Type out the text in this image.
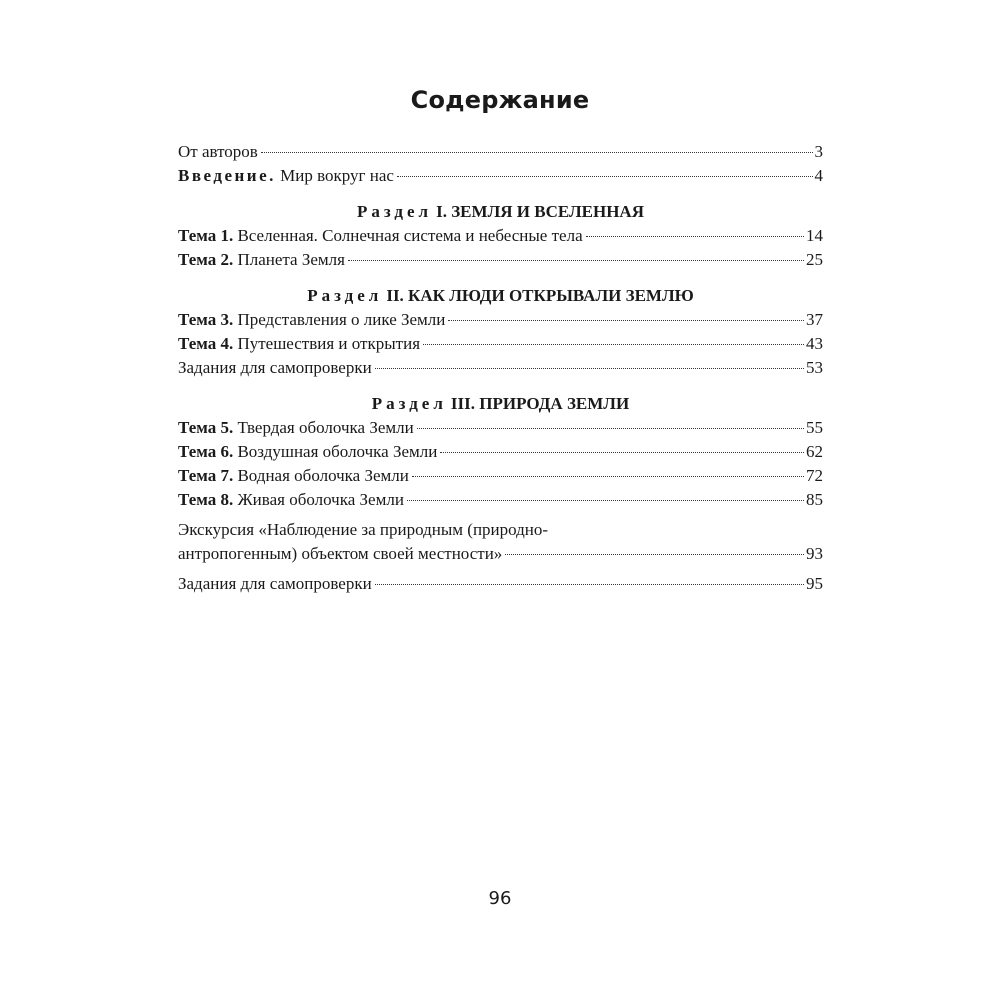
Содержание
От авторов	3
Введение. Мир вокруг нас	4
Раздел I. ЗЕМЛЯ И ВСЕЛЕННАЯ
Тема 1. Вселенная. Солнечная система и небесные тела	14
Тема 2. Планета Земля	25
Раздел II. КАК ЛЮДИ ОТКРЫВАЛИ ЗЕМЛЮ
Тема 3. Представления о лике Земли	37
Тема 4. Путешествия и открытия	43
Задания для самопроверки	53
Раздел III. ПРИРОДА ЗЕМЛИ
Тема 5. Твердая оболочка Земли	55
Тема 6. Воздушная оболочка Земли	62
Тема 7. Водная оболочка Земли	72
Тема 8. Живая оболочка Земли	85
Экскурсия «Наблюдение за природным (природно-
антропогенным) объектом своей местности»	93
Задания для самопроверки	95
96
